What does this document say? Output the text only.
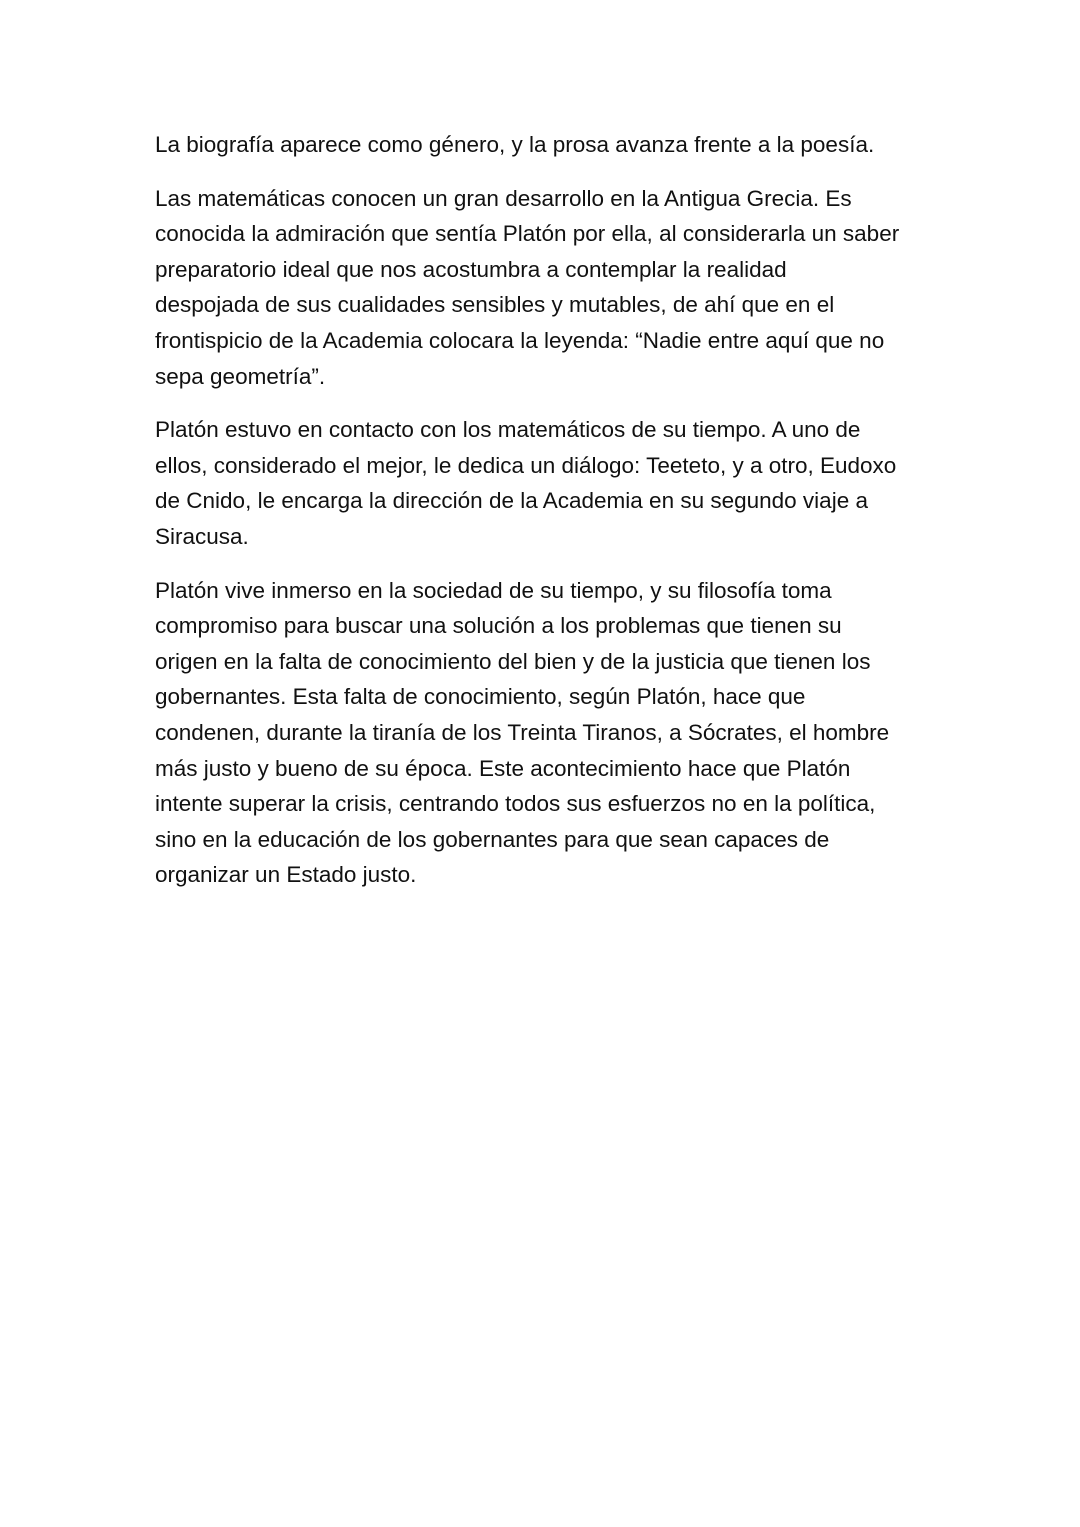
La biografía aparece como género, y la prosa avanza frente a la poesía.

Las matemáticas conocen un gran desarrollo en la Antigua Grecia. Es
conocida la admiración que sentía Platón por ella, al considerarla un saber
preparatorio ideal que nos acostumbra a contemplar la realidad
despojada de sus cualidades sensibles y mutables, de ahí que en el
frontispicio de la Academia colocara la leyenda: “Nadie entre aquí que no
sepa geometría”.

Platón estuvo en contacto con los matemáticos de su tiempo. A uno de
ellos, considerado el mejor, le dedica un diálogo: Teeteto, y a otro, Eudoxo
de Cnido, le encarga la dirección de la Academia en su segundo viaje a
Siracusa.

Platón vive inmerso en la sociedad de su tiempo, y su filosofía toma
compromiso para buscar una solución a los problemas que tienen su
origen en la falta de conocimiento del bien y de la justicia que tienen los
gobernantes. Esta falta de conocimiento, según Platón, hace que
condenen, durante la tiranía de los Treinta Tiranos, a Sócrates, el hombre
más justo y bueno de su época. Este acontecimiento hace que Platón
intente superar la crisis, centrando todos sus esfuerzos no en la política,
sino en la educación de los gobernantes para que sean capaces de
organizar un Estado justo.
